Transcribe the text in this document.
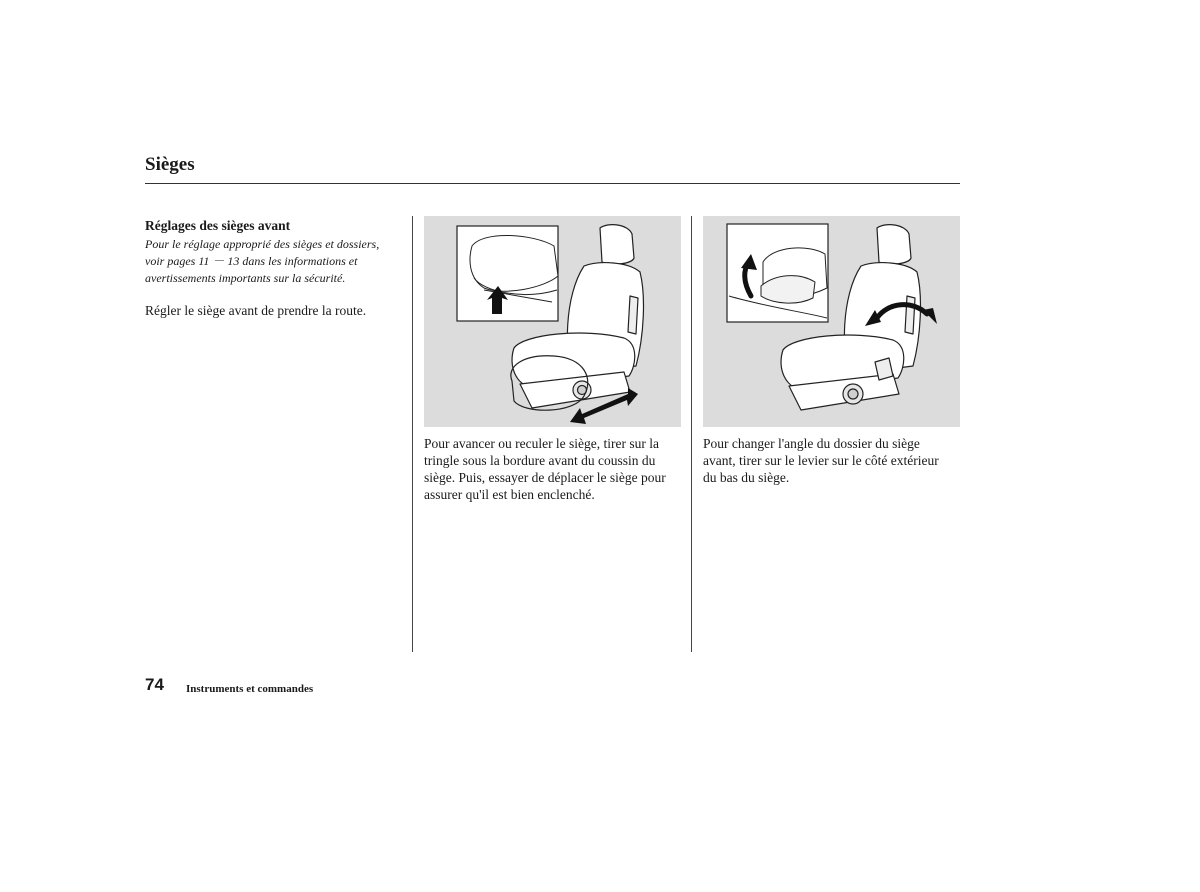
Sièges
Réglages des sièges avant

Pour le réglage approprié des sièges et dossiers,
voir pages 11 － 13 dans les informations et
avertissements importants sur la sécurité.

Régler le siège avant de prendre la route.

Pour avancer ou reculer le siège, tirer sur la
tringle sous la bordure avant du coussin du
siège. Puis, essayer de déplacer le siège pour
assurer qu'il est bien enclenché.

Pour changer l'angle du dossier du siège
avant, tirer sur le levier sur le côté extérieur
du bas du siège.

74 Instruments et commandes
